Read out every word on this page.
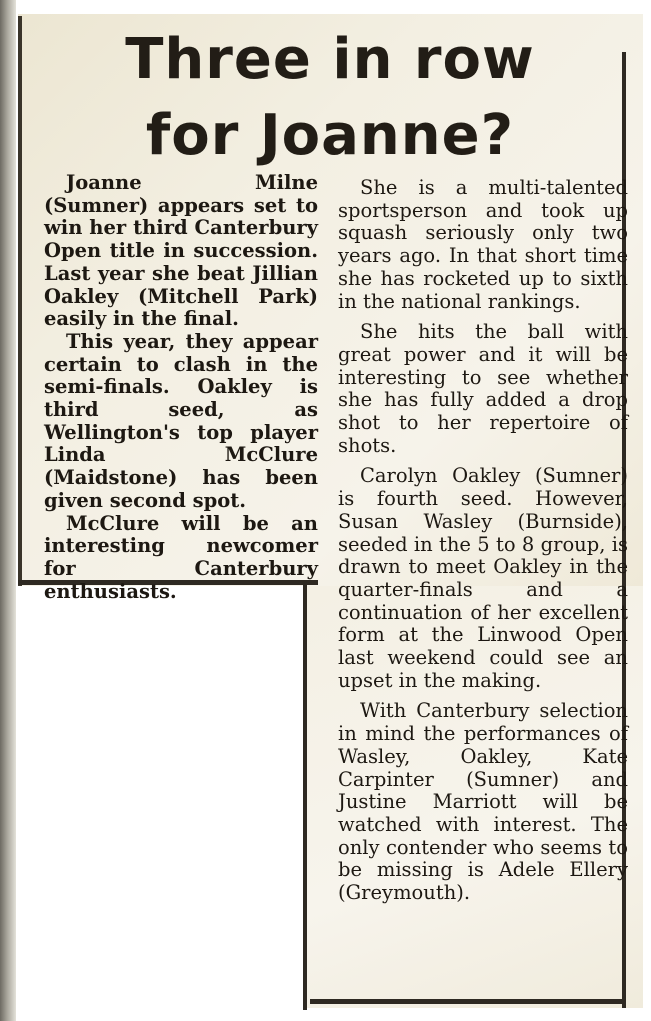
Three in row
for Joanne?

Joanne Milne (Sumner) appears set to win her third Canterbury Open title in succession. Last year she beat Jillian Oakley (Mitchell Park) easily in the final.

This year, they appear certain to clash in the semi-finals. Oakley is third seed, as Wellington's top player Linda McClure (Maidstone) has been given second spot.

McClure will be an interesting newcomer for Canterbury enthusiasts.

She is a multi-talented sportsperson and took up squash seriously only two years ago. In that short time she has rocketed up to sixth in the national rankings.

She hits the ball with great power and it will be interesting to see whether she has fully added a drop shot to her repertoire of shots.

Carolyn Oakley (Sumner) is fourth seed. However, Susan Wasley (Burnside), seeded in the 5 to 8 group, is drawn to meet Oakley in the quarter-finals and a continuation of her excellent form at the Linwood Open last weekend could see an upset in the making.

With Canterbury selection in mind the performances of Wasley, Oakley, Kate Carpinter (Sumner) and Justine Marriott will be watched with interest. The only contender who seems to be missing is Adele Ellery (Greymouth).
